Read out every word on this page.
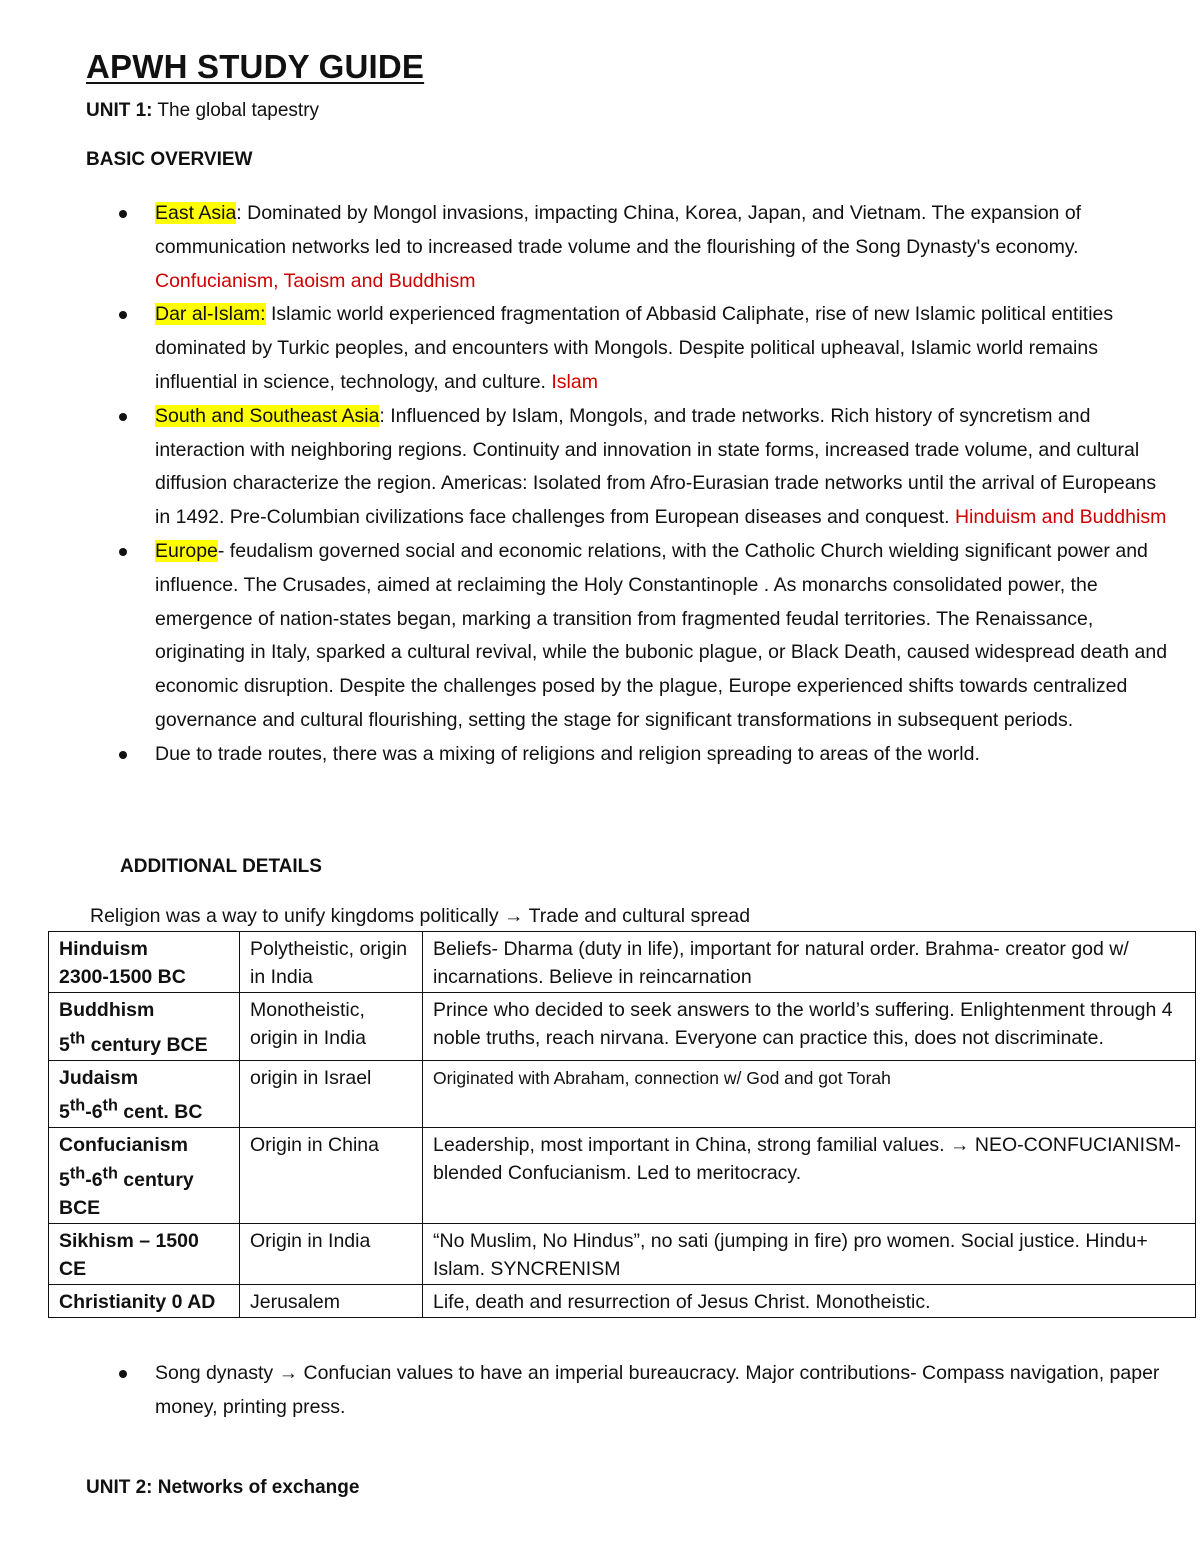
APWH STUDY GUIDE
UNIT 1: The global tapestry
BASIC OVERVIEW
East Asia: Dominated by Mongol invasions, impacting China, Korea, Japan, and Vietnam. The expansion of communication networks led to increased trade volume and the flourishing of the Song Dynasty's economy. Confucianism, Taoism and Buddhism
Dar al-Islam: Islamic world experienced fragmentation of Abbasid Caliphate, rise of new Islamic political entities dominated by Turkic peoples, and encounters with Mongols. Despite political upheaval, Islamic world remains influential in science, technology, and culture. Islam
South and Southeast Asia: Influenced by Islam, Mongols, and trade networks. Rich history of syncretism and interaction with neighboring regions. Continuity and innovation in state forms, increased trade volume, and cultural diffusion characterize the region. Americas: Isolated from Afro-Eurasian trade networks until the arrival of Europeans in 1492. Pre-Columbian civilizations face challenges from European diseases and conquest. Hinduism and Buddhism
Europe- feudalism governed social and economic relations, with the Catholic Church wielding significant power and influence. The Crusades, aimed at reclaiming the Holy Constantinople . As monarchs consolidated power, the emergence of nation-states began, marking a transition from fragmented feudal territories. The Renaissance, originating in Italy, sparked a cultural revival, while the bubonic plague, or Black Death, caused widespread death and economic disruption. Despite the challenges posed by the plague, Europe experienced shifts towards centralized governance and cultural flourishing, setting the stage for significant transformations in subsequent periods.
Due to trade routes, there was a mixing of religions and religion spreading to areas of the world.
ADDITIONAL DETAILS
Religion was a way to unify kingdoms politically → Trade and cultural spread
Hinduism
2300-1500 BC	Polytheistic, origin in India	Beliefs- Dharma (duty in life), important for natural order. Brahma- creator god w/ incarnations. Believe in reincarnation
Buddhism
5th century BCE	Monotheistic, origin in India	Prince who decided to seek answers to the world’s suffering. Enlightenment through 4 noble truths, reach nirvana. Everyone can practice this, does not discriminate.
Judaism
5th-6th cent. BC	origin in Israel	Originated with Abraham, connection w/ God and got Torah
Confucianism
5th-6th century BCE	Origin in China	Leadership, most important in China, strong familial values. → NEO-CONFUCIANISM- blended Confucianism. Led to meritocracy.
Sikhism – 1500 CE	Origin in India	“No Muslim, No Hindus”, no sati (jumping in fire) pro women. Social justice. Hindu+ Islam. SYNCRENISM
Christianity 0 AD	Jerusalem	Life, death and resurrection of Jesus Christ. Monotheistic.
Song dynasty → Confucian values to have an imperial bureaucracy. Major contributions- Compass navigation, paper money, printing press.
UNIT 2: Networks of exchange
